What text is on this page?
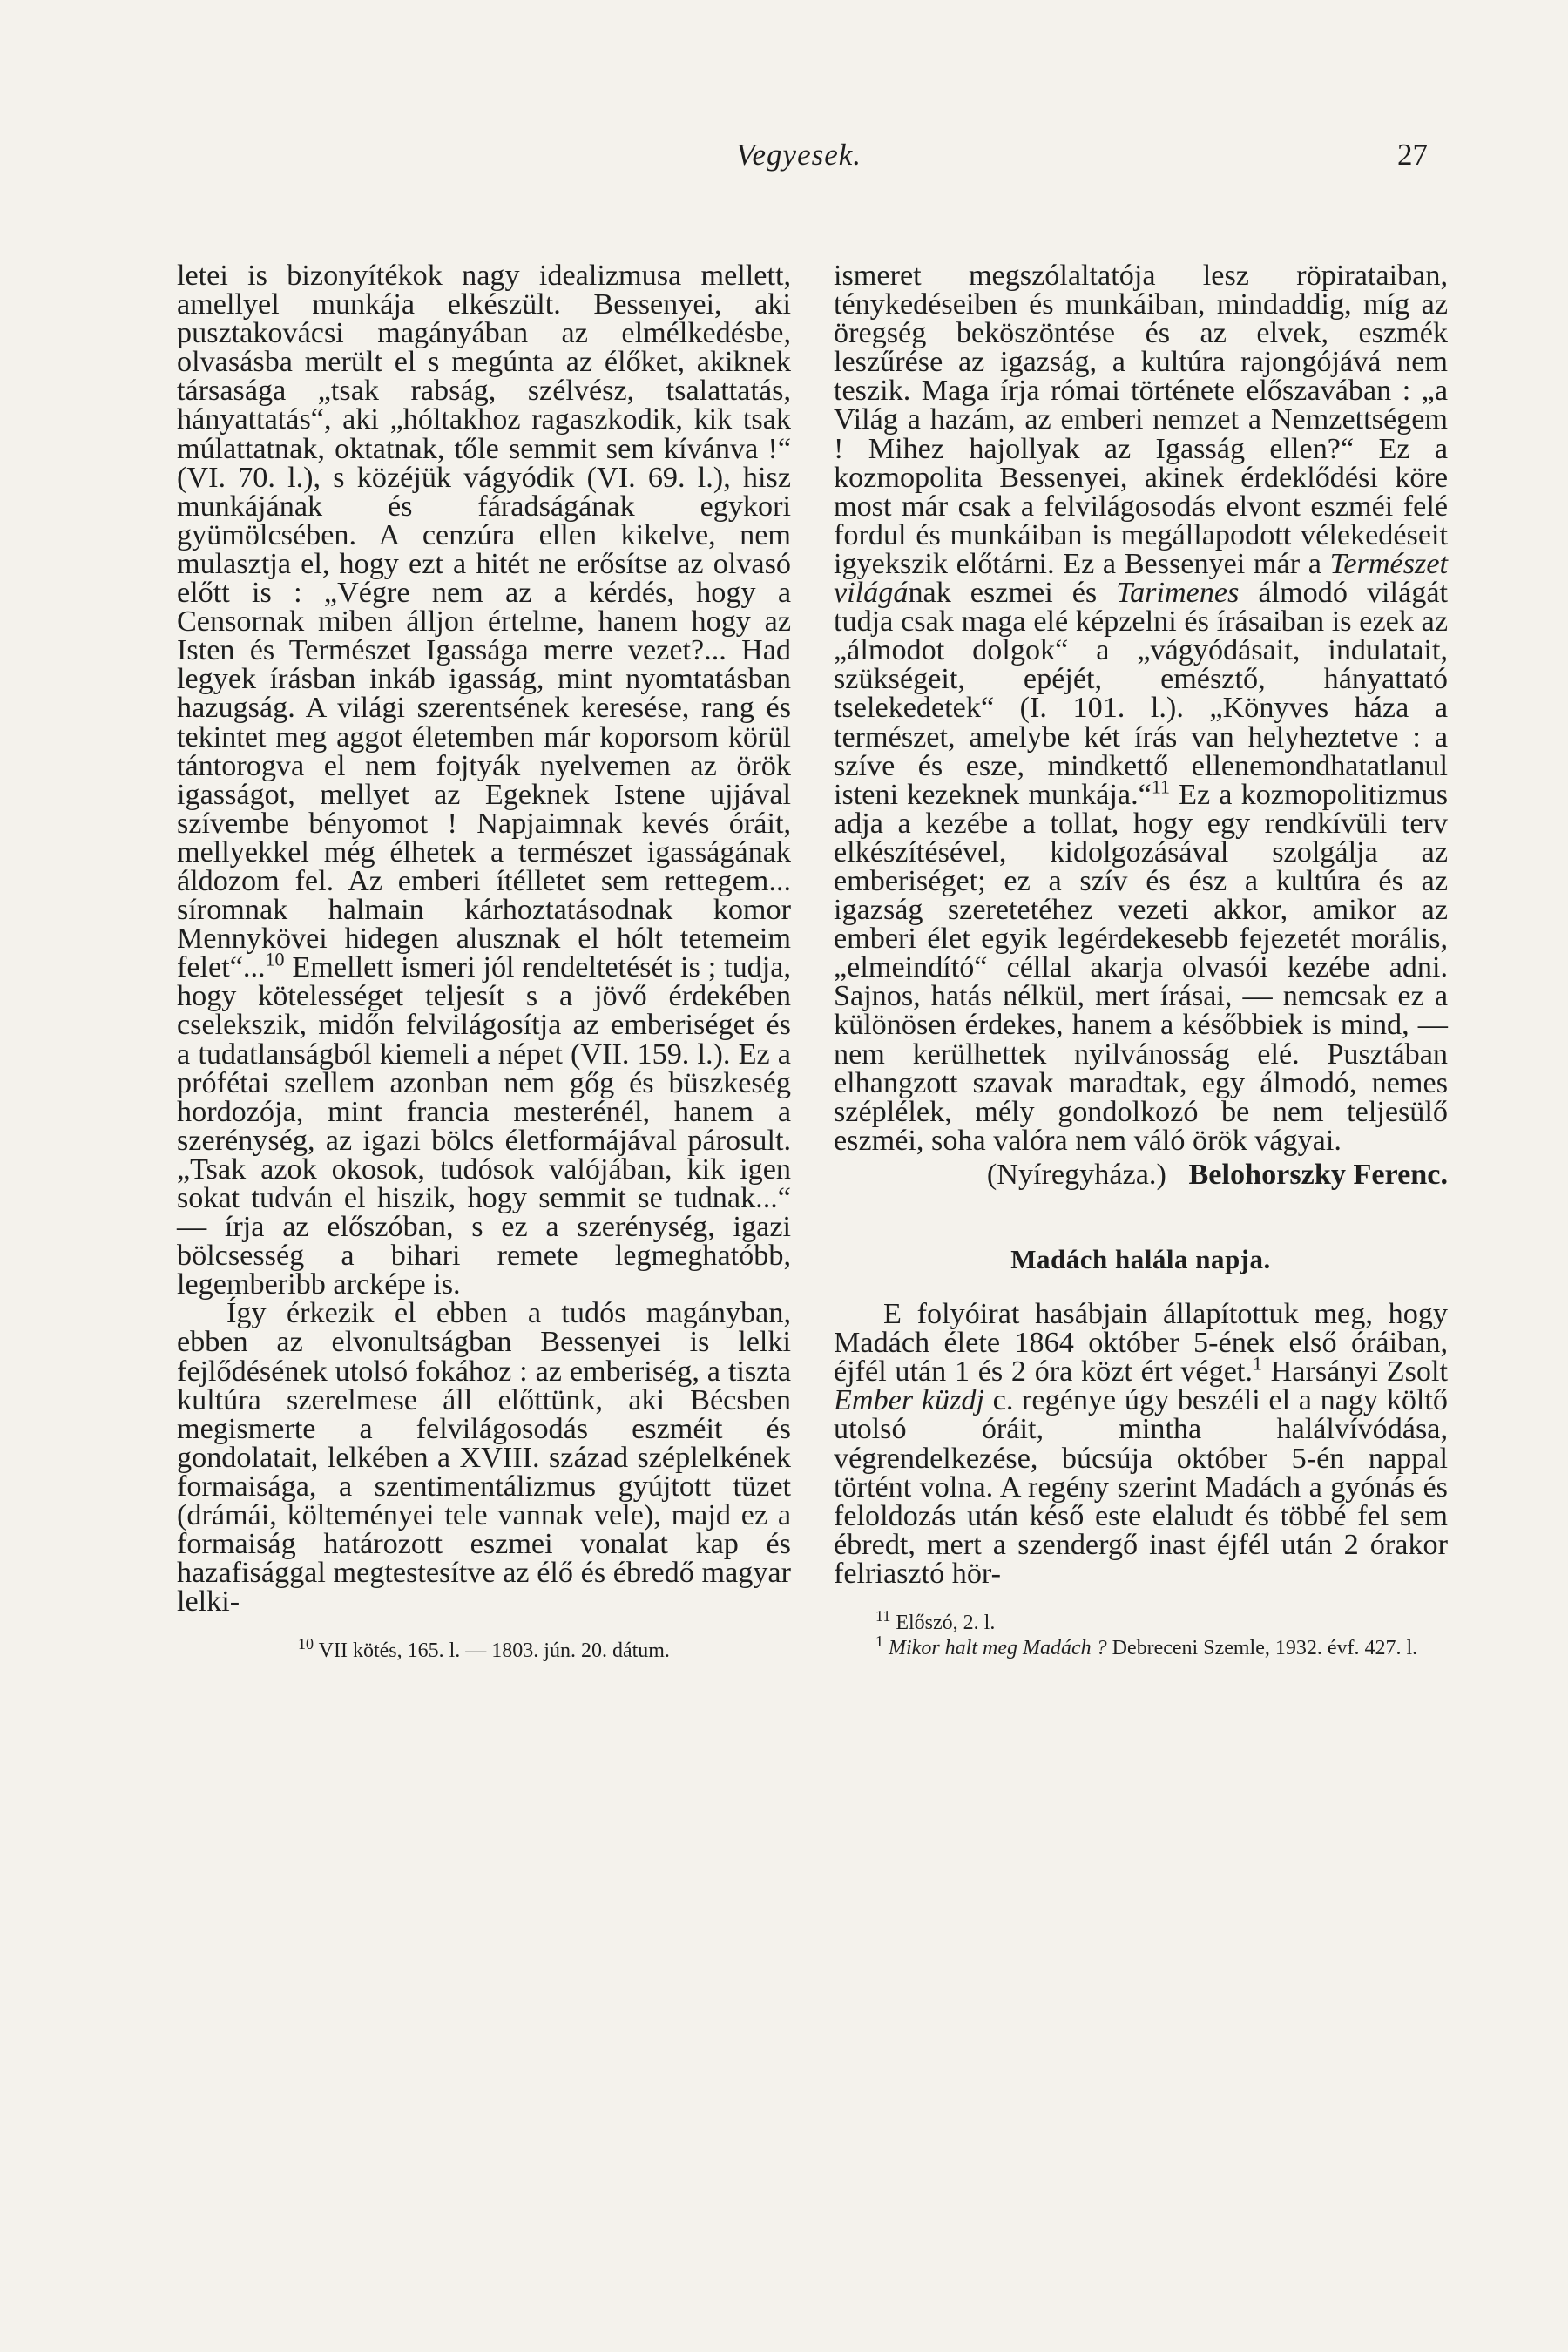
Vegyesek.	27

letei is bizonyítékok nagy idealizmusa mellett, amellyel munkája elkészült. Bessenyei, aki pusztakovácsi magányában az elmélkedésbe, olvasásba merült el s megúnta az élőket, akiknek társasága „tsak rabság, szélvész, tsalattatás, hányattatás“, aki „hóltakhoz ragaszkodik, kik tsak múlattatnak, oktatnak, tőle semmit sem kívánva !“ (VI. 70. l.), s közéjük vágyódik (VI. 69. l.), hisz munkájának és fáradságának egykori gyümölcsében. A cenzúra ellen kikelve, nem mulasztja el, hogy ezt a hitét ne erősítse az olvasó előtt is : „Végre nem az a kérdés, hogy a Censornak miben álljon értelme, hanem hogy az Isten és Természet Igassága merre vezet?... Had legyek írásban inkáb igasság, mint nyomtatásban hazugság. A világi szerentsének keresése, rang és tekintet meg aggot életemben már koporsom körül tántorogva el nem fojtyák nyelvemen az örök igasságot, mellyet az Egeknek Istene ujjával szívembe bényomot ! Napjaimnak kevés óráit, mellyekkel még élhetek a természet igasságának áldozom fel. Az emberi ítélletet sem rettegem... síromnak halmain kárhoztatásodnak komor Mennykövei hidegen alusznak el hólt tetemeim felet“...$^{10}$ Emellett ismeri jól rendeltetését is ; tudja, hogy kötelességet teljesít s a jövő érdekében cselekszik, midőn felvilágosítja az emberiséget és a tudatlanságból kiemeli a népet (VII. 159. l.). Ez a prófétai szellem azonban nem gőg és büszkeség hordozója, mint francia mesterénél, hanem a szerénység, az igazi bölcs életformájával párosult. „Tsak azok okosok, tudósok valójában, kik igen sokat tudván el hiszik, hogy semmit se tudnak...“ — írja az előszóban, s ez a szerénység, igazi bölcsesség a bihari remete legmeghatóbb, legemberibb arcképe is.

Így érkezik el ebben a tudós magányban, ebben az elvonultságban Bessenyei is lelki fejlődésének utolsó fokához : az emberiség, a tiszta kultúra szerelmese áll előttünk, aki Bécsben megismerte a felvilágosodás eszméit és gondolatait, lelkében a XVIII. század széplelkének formaisága, a szentimentálizmus gyújtott tüzet (drámái, költeményei tele vannak vele), majd ez a formaiság határozott eszmei vonalat kap és hazafisággal megtestesítve az élő és ébredő magyar lelki-

$^{10}$ VII kötés, 165. l. — 1803. jún. 20. dátum.

ismeret megszólaltatója lesz röpirataiban, ténykedéseiben és munkáiban, mindaddig, míg az öregség beköszöntése és az elvek, eszmék leszűrése az igazság, a kultúra rajongójává nem teszik. Maga írja római története előszavában : „a Világ a hazám, az emberi nemzet a Nemzettségem ! Mihez hajollyak az Igasság ellen?“ Ez a kozmopolita Bessenyei, akinek érdeklődési köre most már csak a felvilágosodás elvont eszméi felé fordul és munkáiban is megállapodott vélekedéseit igyekszik előtárni. Ez a Bessenyei már a Természet világának eszmei és Tarimenes álmodó világát tudja csak maga elé képzelni és írásaiban is ezek az „álmodot dolgok“ a „vágyódásait, indulatait, szükségeit, epéjét, emésztő, hányattató tselekedetek“ (I. 101. l.). „Könyves háza a természet, amelybe két írás van helyheztetve : a szíve és esze, mindkettő ellenemondhatatlanul isteni kezeknek munkája.“$^{11}$ Ez a kozmopolitizmus adja a kezébe a tollat, hogy egy rendkívüli terv elkészítésével, kidolgozásával szolgálja az emberiséget; ez a szív és ész a kultúra és az igazság szeretetéhez vezeti akkor, amikor az emberi élet egyik legérdekesebb fejezetét morális, „elmeindító“ céllal akarja olvasói kezébe adni. Sajnos, hatás nélkül, mert írásai, — nemcsak ez a különösen érdekes, hanem a későbbiek is mind, — nem kerülhettek nyilvánosság elé. Pusztában elhangzott szavak maradtak, egy álmodó, nemes széplélek, mély gondolkozó be nem teljesülő eszméi, soha valóra nem váló örök vágyai.

(Nyíregyháza.) Belohorszky Ferenc.

Madách halála napja.

E folyóirat hasábjain állapítottuk meg, hogy Madách élete 1864 október 5-ének első óráiban, éjfél után 1 és 2 óra közt ért véget.$^1$ Harsányi Zsolt Ember küzdj c. regénye úgy beszéli el a nagy költő utolsó óráit, mintha halálvívódása, végrendelkezése, búcsúja október 5-én nappal történt volna. A regény szerint Madách a gyónás és feloldozás után késő este elaludt és többé fel sem ébredt, mert a szendergő inast éjfél után 2 órakor felriasztó hör-

$^{11}$ Előszó, 2. l.

$^1$ Mikor halt meg Madách ? Debreceni Szemle, 1932. évf. 427. l.
